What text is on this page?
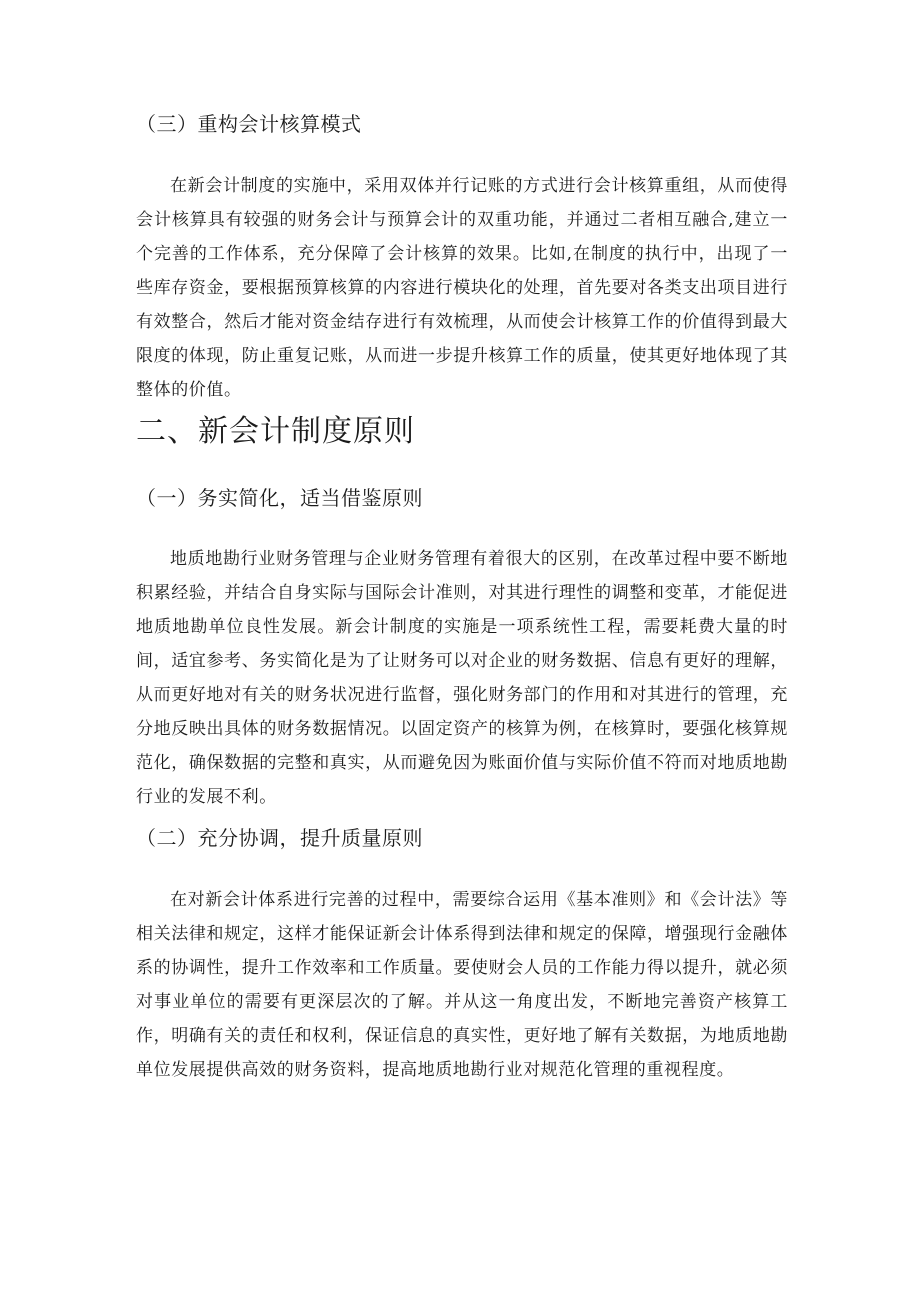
（三）重构会计核算模式

在新会计制度的实施中，采用双体并行记账的方式进行会计核算重组，从而使得会计核算具有较强的财务会计与预算会计的双重功能，并通过二者相互融合,建立一个完善的工作体系，充分保障了会计核算的效果。比如,在制度的执行中，出现了一些库存资金，要根据预算核算的内容进行模块化的处理，首先要对各类支出项目进行有效整合，然后才能对资金结存进行有效梳理，从而使会计核算工作的价值得到最大限度的体现，防止重复记账，从而进一步提升核算工作的质量，使其更好地体现了其整体的价值。

二、新会计制度原则
（一）务实简化，适当借鉴原则

地质地勘行业财务管理与企业财务管理有着很大的区别，在改革过程中要不断地积累经验，并结合自身实际与国际会计准则，对其进行理性的调整和变革，才能促进地质地勘单位良性发展。新会计制度的实施是一项系统性工程，需要耗费大量的时间，适宜参考、务实简化是为了让财务可以对企业的财务数据、信息有更好的理解，从而更好地对有关的财务状况进行监督，强化财务部门的作用和对其进行的管理，充分地反映出具体的财务数据情况。以固定资产的核算为例，在核算时，要强化核算规范化，确保数据的完整和真实，从而避免因为账面价值与实际价值不符而对地质地勘行业的发展不利。

（二）充分协调，提升质量原则

在对新会计体系进行完善的过程中，需要综合运用《基本准则》和《会计法》等相关法律和规定，这样才能保证新会计体系得到法律和规定的保障，增强现行金融体系的协调性，提升工作效率和工作质量。要使财会人员的工作能力得以提升，就必须对事业单位的需要有更深层次的了解。并从这一角度出发，不断地完善资产核算工作，明确有关的责任和权利，保证信息的真实性，更好地了解有关数据，为地质地勘单位发展提供高效的财务资料，提高地质地勘行业对规范化管理的重视程度。
